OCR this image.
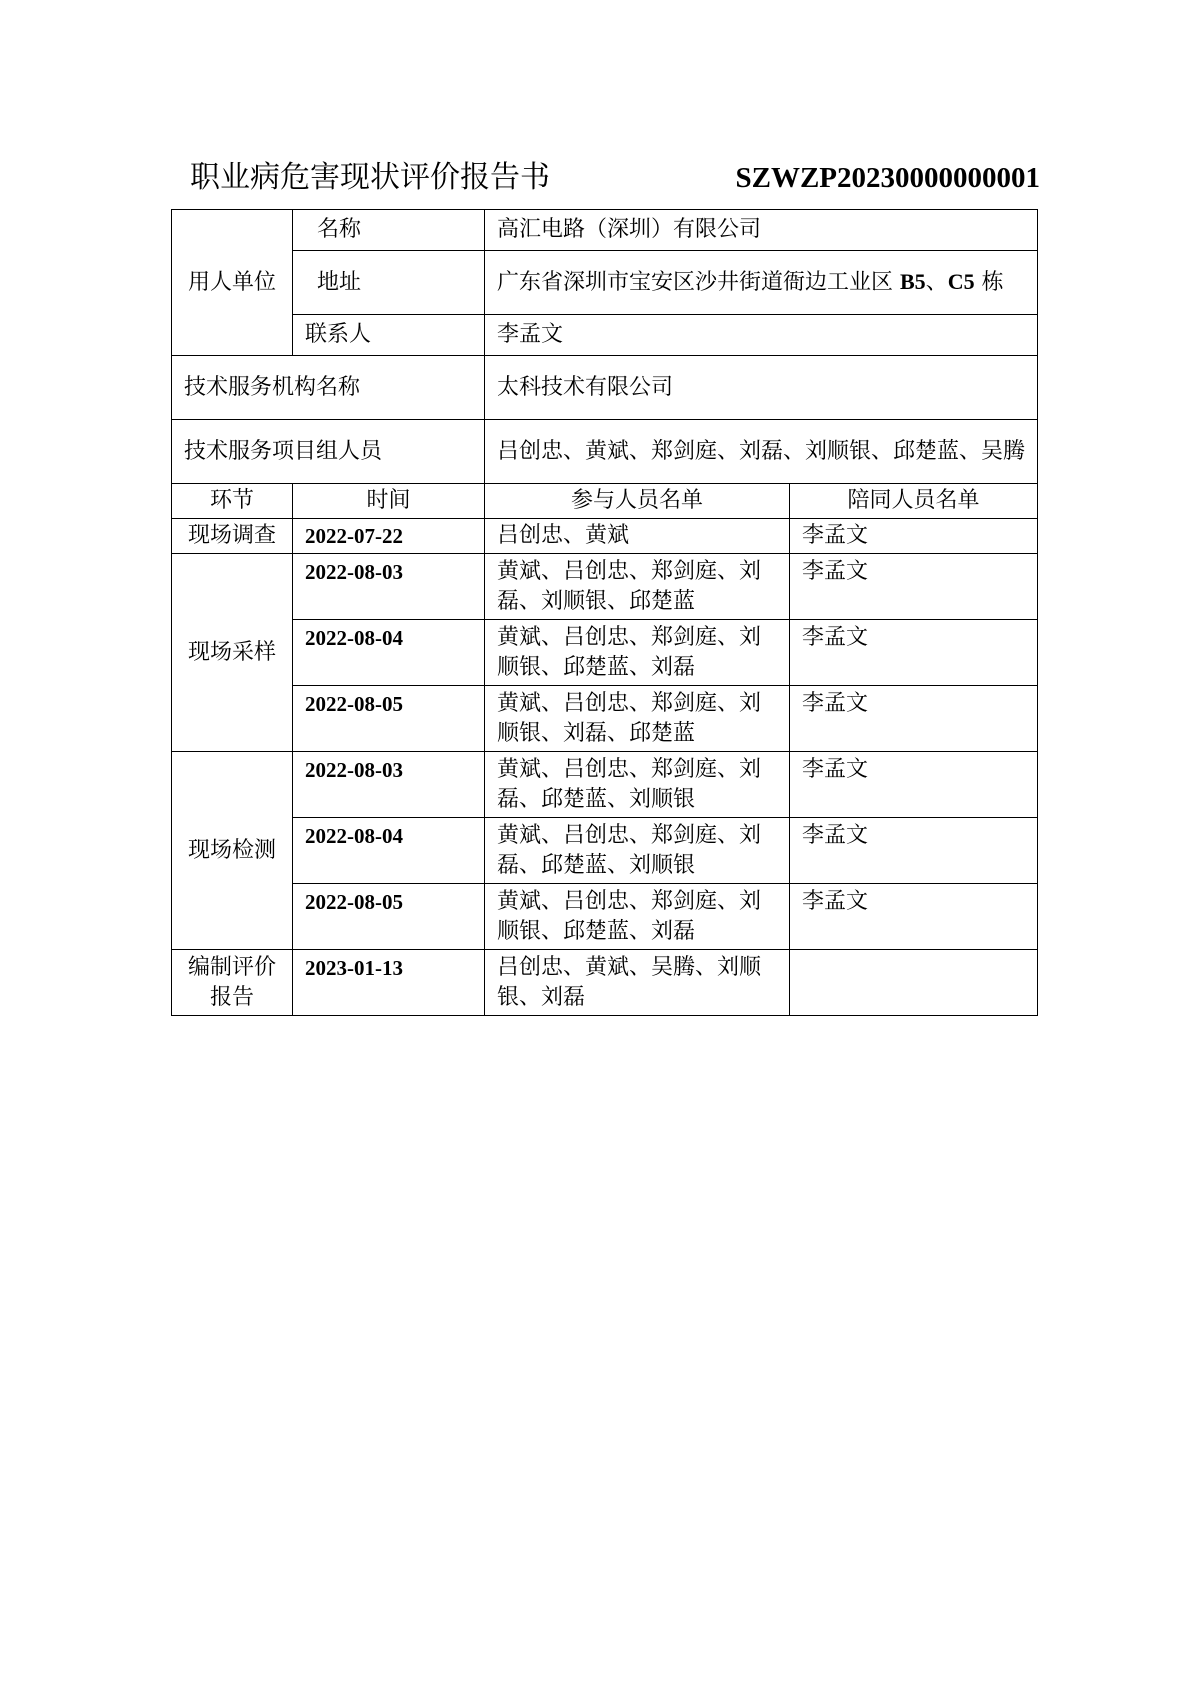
职业病危害现状评价报告书	SZWZP20230000000001
用人单位	名称	高汇电路（深圳）有限公司	
	地址	广东省深圳市宝安区沙井街道衙边工业区 B5、C5 栋	
	联系人	李孟文	
技术服务机构名称		太科技术有限公司	
技术服务项目组人员		吕创忠、黄斌、郑剑庭、刘磊、刘顺银、邱楚蓝、吴腾	
环节	时间	参与人员名单	陪同人员名单
现场调查	2022-07-22	吕创忠、黄斌	李孟文
现场采样	2022-08-03	黄斌、吕创忠、郑剑庭、刘磊、刘顺银、邱楚蓝	李孟文
	2022-08-04	黄斌、吕创忠、郑剑庭、刘顺银、邱楚蓝、刘磊	李孟文
	2022-08-05	黄斌、吕创忠、郑剑庭、刘顺银、刘磊、邱楚蓝	李孟文
现场检测	2022-08-03	黄斌、吕创忠、郑剑庭、刘磊、邱楚蓝、刘顺银	李孟文
	2022-08-04	黄斌、吕创忠、郑剑庭、刘磊、邱楚蓝、刘顺银	李孟文
	2022-08-05	黄斌、吕创忠、郑剑庭、刘顺银、邱楚蓝、刘磊	李孟文
编制评价报告	2023-01-13	吕创忠、黄斌、吴腾、刘顺银、刘磊	
